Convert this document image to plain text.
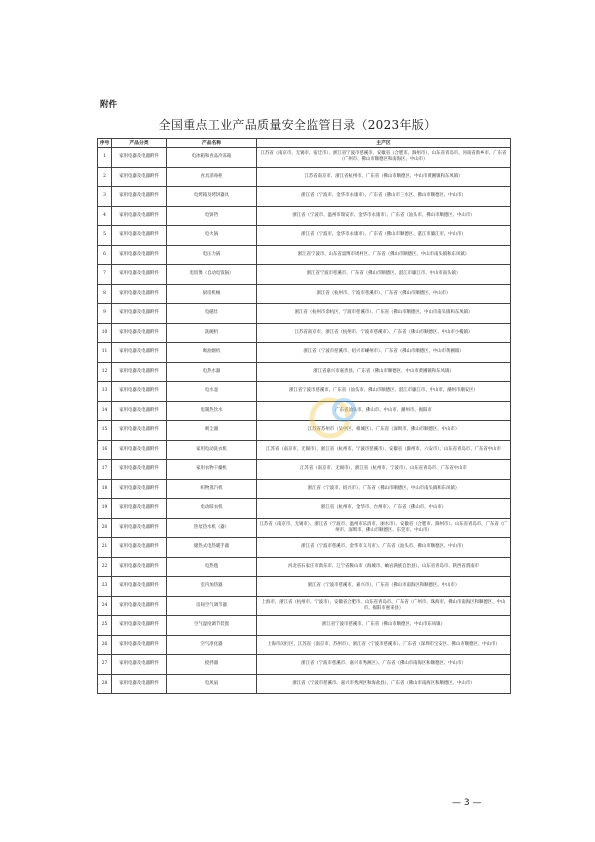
附件
全国重点工业产品质量安全监管目录（2023年版）
序号	产品分类	产品名称	主产区
1	家用电器及电器附件	电冰箱和食品冷冻箱	江苏省（南京市、无锡市、宿迁市）、浙江省宁波市慈溪市、安徽省（合肥市、滁州市）、山东省青岛市、河南省新乡市、广东省（广州市、佛山市顺德区和南海区、中山市）
2	家用电器及电器附件	食具消毒柜	江苏省南京市、浙江省杭州市、广东省（佛山市顺德区、中山市黄圃镇和东凤镇）
3	家用电器及电器附件	电烤箱及烤饼器具	浙江省（宁波市、金华市永康市）、广东省（佛山市三水区、佛山市顺德区、中山市）
4	家用电器及电器附件	电饼铛	浙江省（宁波市、温州市瑞安市、金华市永康市）、广东省（汕头市、佛山市顺德区、中山市）
5	家用电器及电器附件	电火锅	浙江省（宁波市、金华市永康市）、广东省（佛山市顺德区、湛江市廉江市、中山市）
6	家用电器及电器附件	电压力锅	浙江省宁波市、山东省淄博市周村区、广东省（佛山市顺德区、中山市南头镇和东凤镇）
7	家用电器及电器附件	电饭煲（自动电饭锅）	浙江省宁波市慈溪市、广东省（佛山市顺德区、湛江市廉江市、中山市南头镇）
8	家用电器及电器附件	厨房机械	浙江省（杭州市、宁波市慈溪市）、广东省（佛山市顺德区、中山市）
9	家用电器及电器附件	电磁灶	浙江省（杭州市余杭区、宁波市慈溪市）、广东省（佛山市顺德区、中山市南头镇和东凤镇）
10	家用电器及电器附件	洗碗机	江苏省南京市、浙江省（杭州市、宁波市慈溪市）、广东省（佛山市顺德区、中山市小榄镇）
11	家用电器及电器附件	吸油烟机	浙江省（宁波市慈溪市、绍兴市嵊州市）、广东省（佛山市顺德区、中山市黄圃镇）
12	家用电器及电器附件	电热水器	浙江省嘉兴市嘉善县、广东省（佛山市顺德区、中山市黄圃镇和东凤镇）
13	家用电器及电器附件	电水壶	浙江省宁波市慈溪市、广东省（汕头市、佛山市顺德区、湛江市廉江市、中山市、潮州市潮安区）
14	家用电器及电器附件	电制热饮水	广东省汕头市、佛山市、中山市、潮州市、揭阳市
15	家用电器及电器附件	吸尘器	江苏省苏州市（吴中区、相城区）、广东省（深圳市、佛山市顺德区、中山市）
16	家用电器及电器附件	家用电动洗衣机	江苏省（南京市、无锡市）、浙江省（杭州市、宁波市慈溪市）、安徽省（滁州市、六安市）、山东省青岛市、广东省中山市
17	家用电器及电器附件	家用衣物干燥机	江苏省（南京市、无锡市）、浙江省（杭州市、宁波市）、山东省青岛市、广东省中山市
18	家用电器及电器附件	织物蒸汽机	浙江省（宁波市、绍兴市）、广东省（佛山市顺德区、中山市南头镇和东凤镇）
19	家用电器及电器附件	电动晾衣机	浙江省（杭州市、金华市、台州市）、广东省（佛山市、中山市）
20	家用电器及电器附件	热泵热水机（器）	江苏省（南京市、无锡市）、浙江省（宁波市、温州市乐清市、丽水市）、安徽省（合肥市、滁州市）、山东省青岛市、广东省（广州市、深圳市、佛山市顺德区、东莞市、中山市）
21	家用电器及电器附件	储热式电热暖手器	浙江省（宁波市慈溪市、金华市义乌市）、广东省（汕头市、佛山市顺德区、中山市）
22	家用电器及电器附件	电热毯	河北省石家庄市新乐市、辽宁省鞍山市（海城市、岫岩满族自治县）、山东省青岛市、陕西省渭南市
23	家用电器及电器附件	室内加热器	浙江省（宁波市慈溪市、嘉兴市）、广东省（佛山市南海区和顺德区、中山市）
24	家用电器及电器附件	房间空气调节器	上海市、浙江省（杭州市、宁波市）、安徽省合肥市、山东省青岛市、广东省（广州市、珠海市、佛山市南海区和顺德区、中山市、揭阳市惠来县）
25	家用电器及电器附件	空气湿度调节装置	浙江省宁波市慈溪市、广东省（佛山市顺德区、中山市东凤镇）
26	家用电器及电器附件	空气净化器	上海市闵行区、江苏省（南京市、苏州市）、浙江省（宁波市慈溪市）、广东省（深圳市宝安区、佛山市顺德区、中山市）
27	家用电器及电器附件	搅拌器	浙江省（宁波市慈溪市、嘉兴市秀洲区）、广东省（佛山市南海区和顺德区、中山市）
28	家用电器及电器附件	电风扇	浙江省（宁波市慈溪市、嘉兴市秀洲区和海盐县）、广东省（佛山市南海区和顺德区、中山市）
— 3 —
